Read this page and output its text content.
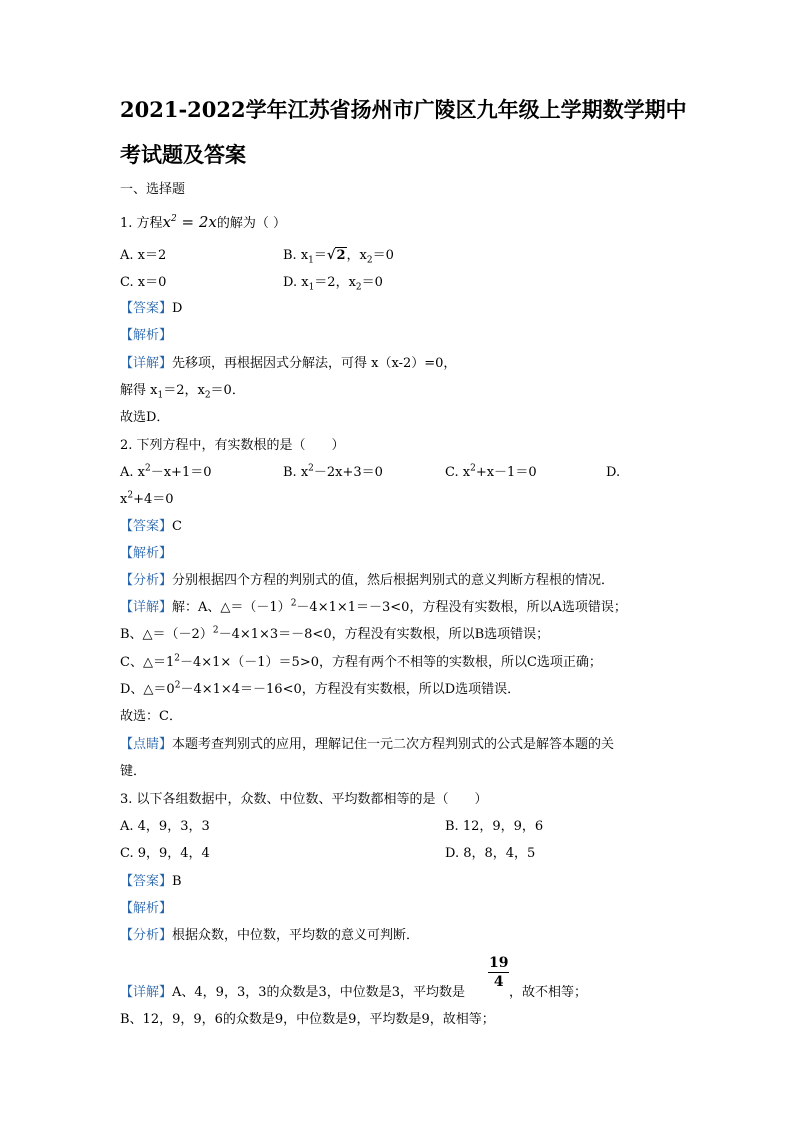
2021-2022学年江苏省扬州市广陵区九年级上学期数学期中
考试题及答案
一、选择题
1. 方程$x^2 = 2x$的解为（ ）
A. x＝2	B. $x_1=√2$，$x_2=0$
C. x＝0	D. $x_1=2$，$x_2=0$
【答案】D
【解析】
【详解】先移项，再根据因式分解法，可得 x（x-2）=0，
解得 $x_1=2$，$x_2=0$．
故选D．
2. 下列方程中，有实数根的是（　　）
A. $x^2-x+1=0$	B. $x^2-2x+3=0$	C. $x^2+x-1=0$	D.
$x^2+4=0$
【答案】C
【解析】
【分析】分别根据四个方程的判别式的值，然后根据判别式的意义判断方程根的情况．
【详解】解：A、$\triangle=(-1)^2-4\times 1\times 1=-3<0$，方程没有实数根，所以A选项错误；
B、$\triangle=(-2)^2-4\times 1\times 3=-8<0$，方程没有实数根，所以B选项错误；
C、$\triangle=1^2-4\times 1\times(-1)=5>0$，方程有两个不相等的实数根，所以C选项正确；
D、$\triangle=0^2-4\times 1\times 4=-16<0$，方程没有实数根，所以D选项错误．
故选：C．
【点睛】本题考查判别式的应用，理解记住一元二次方程判别式的公式是解答本题的关
键．
3. 以下各组数据中，众数、中位数、平均数都相等的是（　　）
A. 4，9，3，3	B. 12，9，9，6
C. 9，9，4，4	D. 8，8，4，5
【答案】B
【解析】
【分析】根据众数，中位数，平均数的意义可判断．
$\frac{19}{4}$
【详解】A、4，9，3，3的众数是3，中位数是3，平均数是	，故不相等；
B、12，9，9，6的众数是9，中位数是9，平均数是9，故相等；
